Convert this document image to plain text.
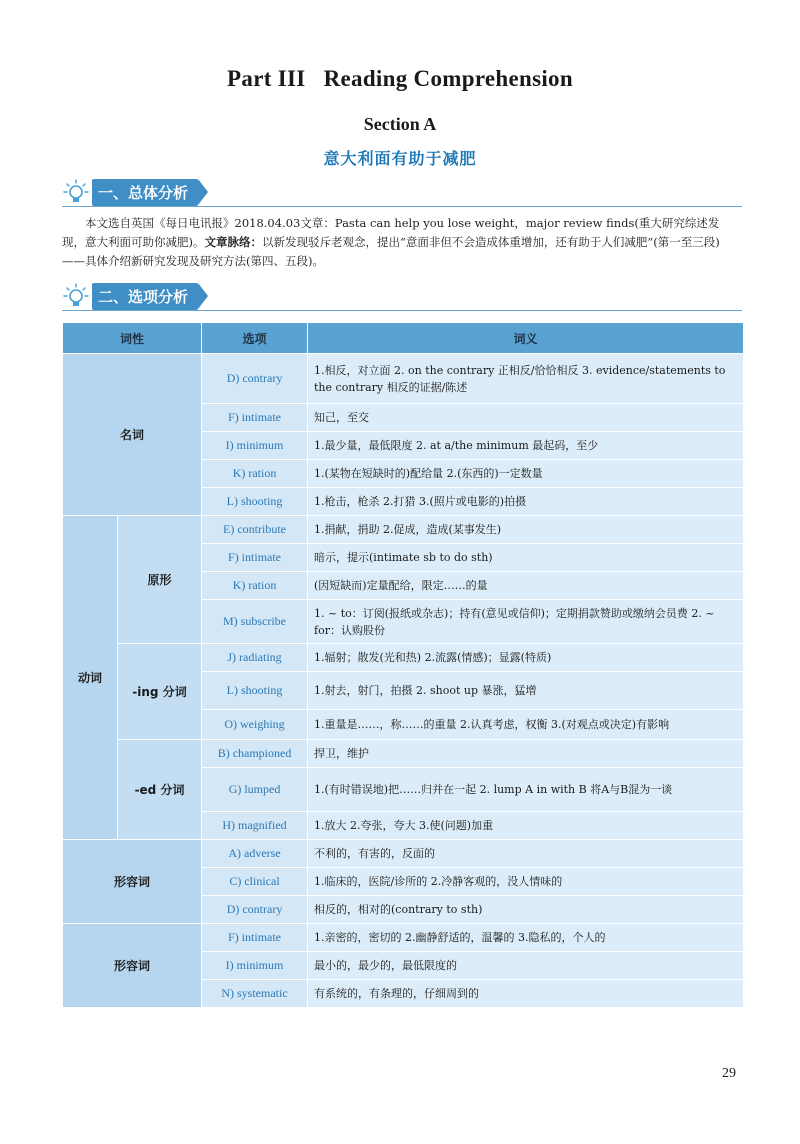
Part III   Reading Comprehension
Section A
意大利面有助于减肥
一、总体分析
本文选自英国《每日电讯报》2018.04.03文章：Pasta can help you lose weight，major review finds(重大研究综述发现，意大利面可助你减肥)。文章脉络：以新发现驳斥老观念，提出“意面非但不会造成体重增加，还有助于人们减肥”(第一至三段)——具体介绍新研究发现及研究方法(第四、五段)。
二、选项分析
词性		选项	词义
名词		D) contrary	1.相反，对立面 2. on the contrary 正相反/恰恰相反 3. evidence/statements to the contrary 相反的证据/陈述
		F) intimate	知己，至交
		I) minimum	1.最少量，最低限度 2. at a/the minimum 最起码，至少
		K) ration	1.(某物在短缺时的)配给量 2.(东西的)一定数量
		L) shooting	1.枪击，枪杀 2.打猎 3.(照片或电影的)拍摄
动词	原形	E) contribute	1.捐献，捐助 2.促成，造成(某事发生)
		F) intimate	暗示，提示(intimate sb to do sth)
		K) ration	(因短缺而)定量配给，限定……的量
		M) subscribe	1. ~ to：订阅(报纸或杂志)；持有(意见或信仰)；定期捐款赞助或缴纳会员费 2. ~ for：认购股份
	-ing 分词	J) radiating	1.辐射；散发(光和热) 2.流露(情感)；显露(特质)
		L) shooting	1.射去，射门，拍摄 2. shoot up 暴涨，猛增
		O) weighing	1.重量是……，称……的重量 2.认真考虑，权衡 3.(对观点或决定)有影响
	-ed 分词	B) championed	捍卫，维护
		G) lumped	1.(有时错误地)把……归并在一起 2. lump A in with B 将A与B混为一谈
		H) magnified	1.放大 2.夸张，夸大 3.使(问题)加重
形容词		A) adverse	不利的，有害的，反面的
		C) clinical	1.临床的，医院/诊所的 2.冷静客观的，没人情味的
		D) contrary	相反的，相对的(contrary to sth)
形容词		F) intimate	1.亲密的，密切的 2.幽静舒适的，温馨的 3.隐私的，个人的
		I) minimum	最小的，最少的，最低限度的
		N) systematic	有系统的，有条理的，仔细周到的
29
